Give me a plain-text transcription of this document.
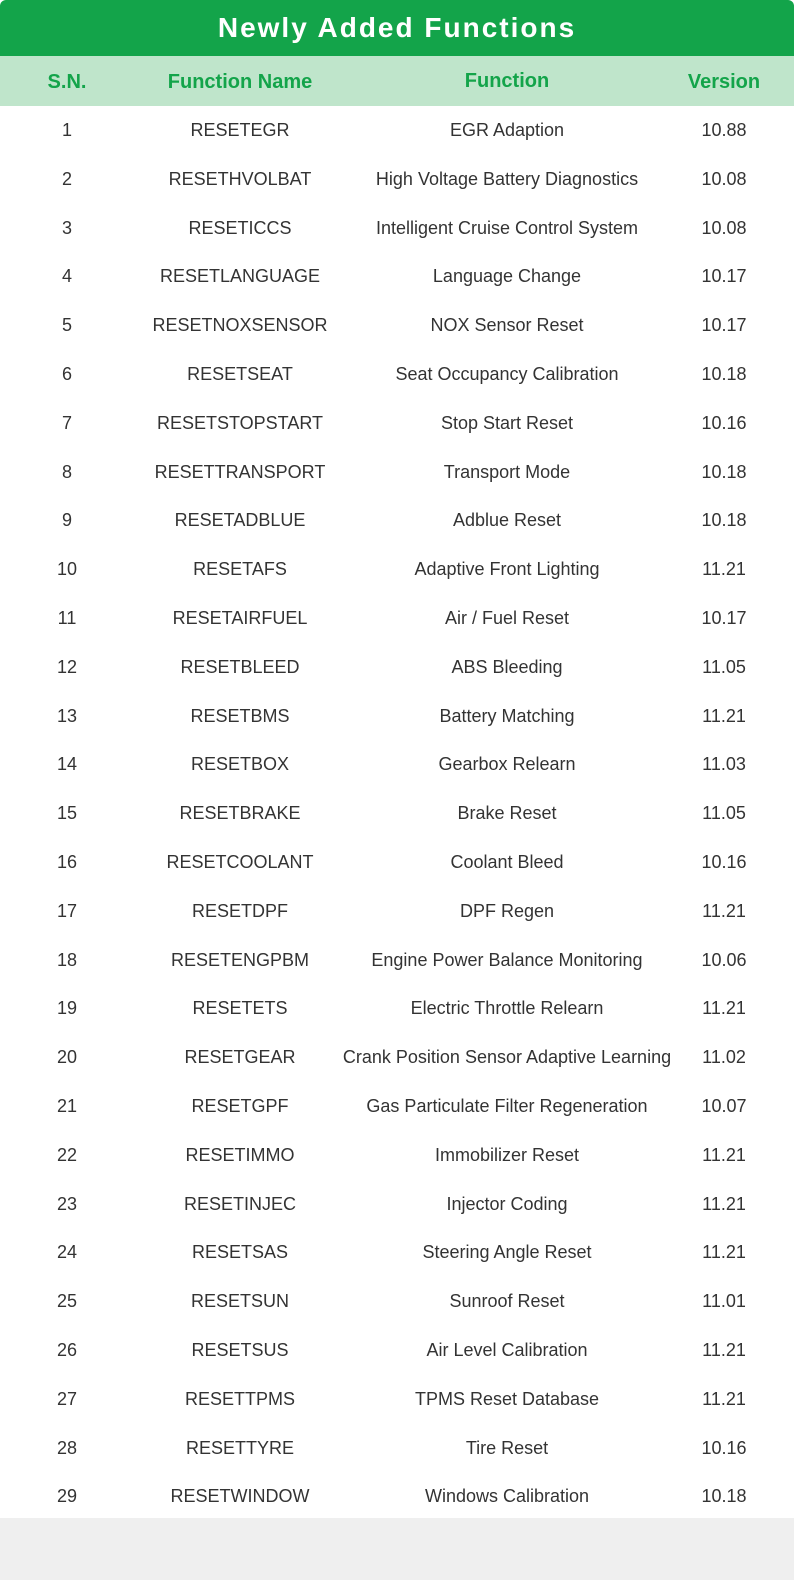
Newly Added Functions
S.N.	Function Name	Function	Version
1	RESETEGR	EGR Adaption	10.88
2	RESETHVOLBAT	High Voltage Battery Diagnostics	10.08
3	RESETICCS	Intelligent Cruise Control System	10.08
4	RESETLANGUAGE	Language Change	10.17
5	RESETNOXSENSOR	NOX Sensor Reset	10.17
6	RESETSEAT	Seat Occupancy Calibration	10.18
7	RESETSTOPSTART	Stop Start Reset	10.16
8	RESETTRANSPORT	Transport Mode	10.18
9	RESETADBLUE	Adblue Reset	10.18
10	RESETAFS	Adaptive Front Lighting	11.21
11	RESETAIRFUEL	Air / Fuel Reset	10.17
12	RESETBLEED	ABS Bleeding	11.05
13	RESETBMS	Battery Matching	11.21
14	RESETBOX	Gearbox Relearn	11.03
15	RESETBRAKE	Brake Reset	11.05
16	RESETCOOLANT	Coolant Bleed	10.16
17	RESETDPF	DPF Regen	11.21
18	RESETENGPBM	Engine Power Balance Monitoring	10.06
19	RESETETS	Electric Throttle Relearn	11.21
20	RESETGEAR	Crank Position Sensor Adaptive Learning	11.02
21	RESETGPF	Gas Particulate Filter Regeneration	10.07
22	RESETIMMO	Immobilizer Reset	11.21
23	RESETINJEC	Injector Coding	11.21
24	RESETSAS	Steering Angle Reset	11.21
25	RESETSUN	Sunroof Reset	11.01
26	RESETSUS	Air Level Calibration	11.21
27	RESETTPMS	TPMS Reset Database	11.21
28	RESETTYRE	Tire Reset	10.16
29	RESETWINDOW	Windows Calibration	10.18
